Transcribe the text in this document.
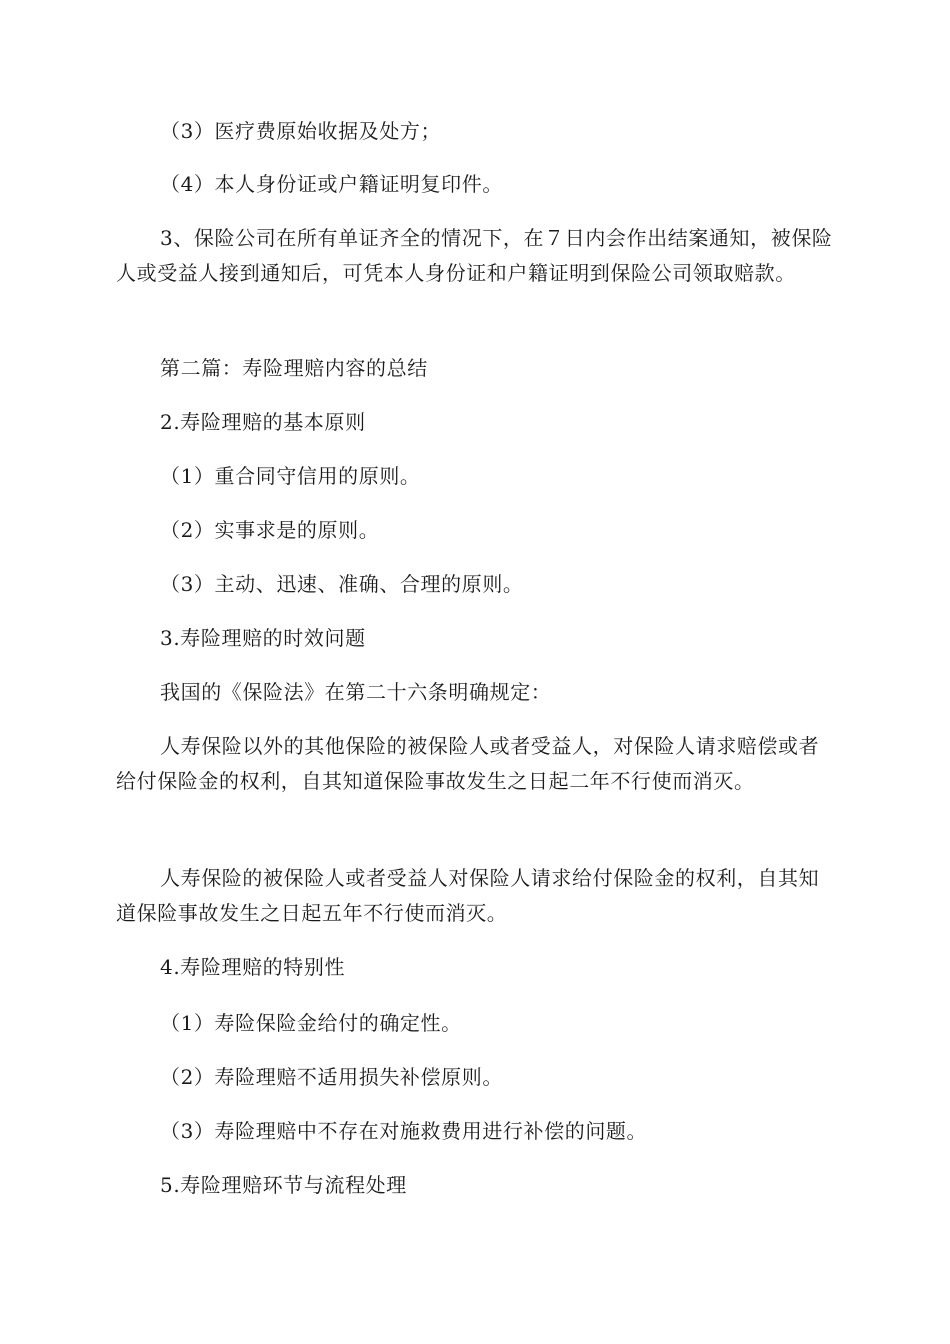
（3）医疗费原始收据及处方；

（4）本人身份证或户籍证明复印件。

3、保险公司在所有单证齐全的情况下，在７日内会作出结案通知，被保险人或受益人接到通知后，可凭本人身份证和户籍证明到保险公司领取赔款。

第二篇：寿险理赔内容的总结

2.寿险理赔的基本原则

（1）重合同守信用的原则。

（2）实事求是的原则。

（3）主动、迅速、准确、合理的原则。

3.寿险理赔的时效问题

我国的《保险法》在第二十六条明确规定：

人寿保险以外的其他保险的被保险人或者受益人，对保险人请求赔偿或者给付保险金的权利，自其知道保险事故发生之日起二年不行使而消灭。

人寿保险的被保险人或者受益人对保险人请求给付保险金的权利，自其知道保险事故发生之日起五年不行使而消灭。

4.寿险理赔的特别性

（1）寿险保险金给付的确定性。

（2）寿险理赔不适用损失补偿原则。

（3）寿险理赔中不存在对施救费用进行补偿的问题。

5.寿险理赔环节与流程处理
